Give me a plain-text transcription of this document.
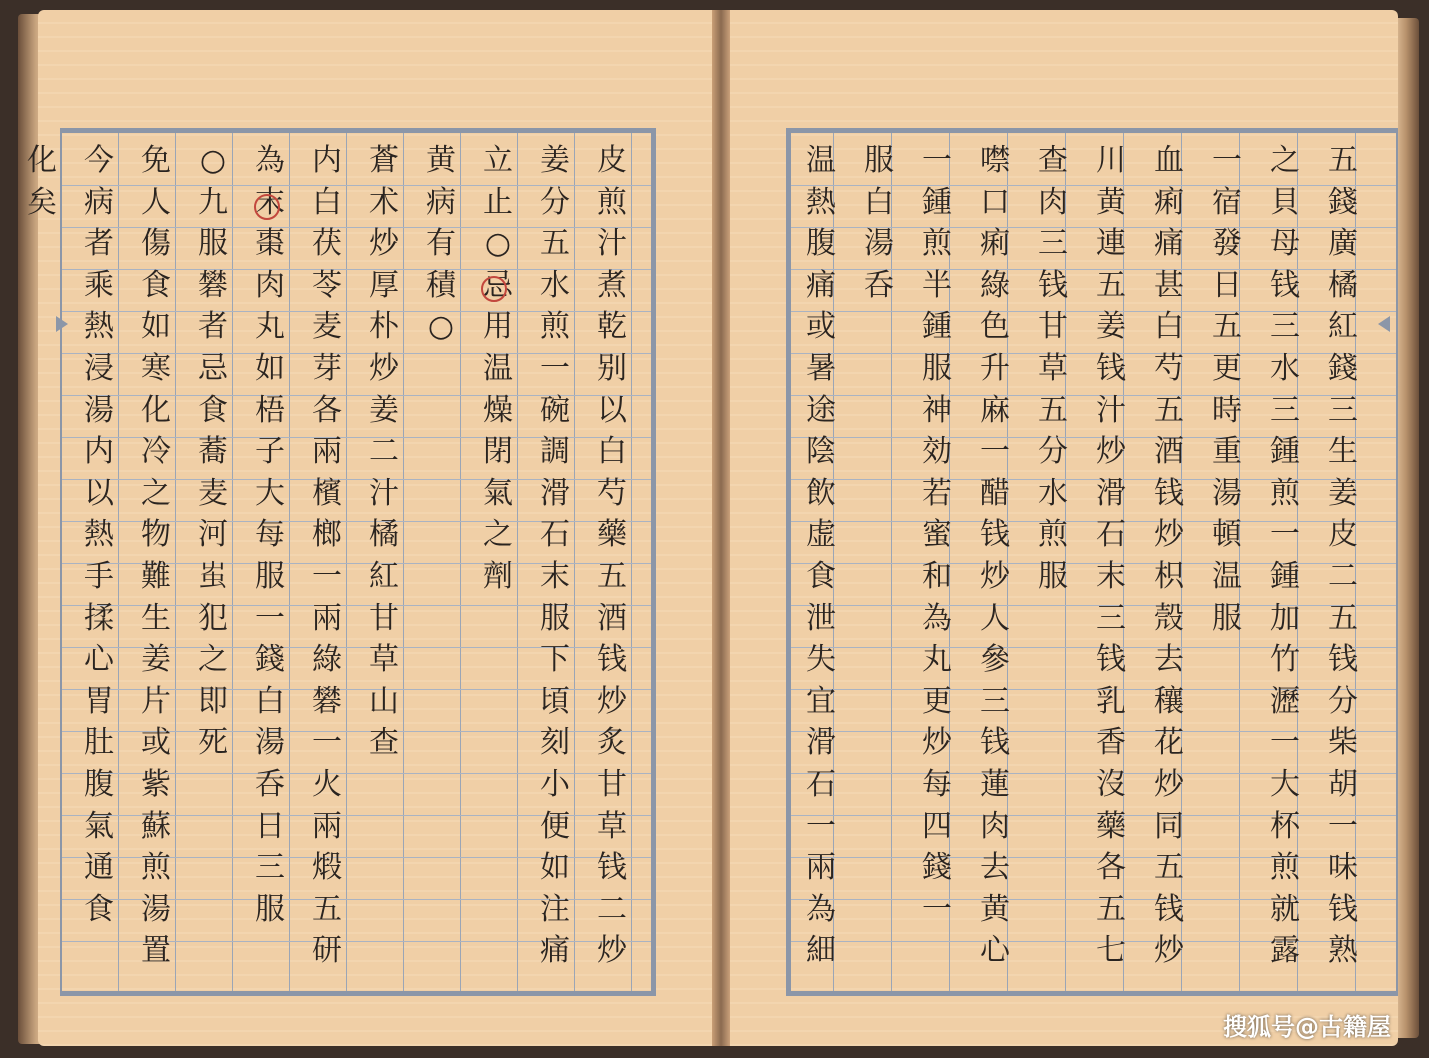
皮
煎
汁
煮
乾
别
以
白
芍
藥
五
酒
钱
炒
炙
甘
草
钱
二
炒
姜
分
五
水
煎
一
碗
調
滑
石
末
服
下
頃
刻
小
便
如
注
痛
立
止
○
忌
用
温
燥
閉
氣
之
劑
黄
病
有
積
○
蒼
术
炒
厚
朴
炒
姜
二
汁
橘
紅
甘
草
山
查
内
白
茯
苓
麦
芽
各
兩
檳
榔
一
兩
綠
礬
一
火
兩
煅
五
研
為
末
棗
肉
丸
如
梧
子
大
每
服
一
錢
白
湯
呑
日
三
服
○
九
服
礬
者
忌
食
蕎
麦
河
𧈪
犯
之
即
死
免
人
傷
食
如
寒
化
冷
之
物
難
生
姜
片
或
紫
蘇
煎
湯
置
今
病
者
乘
熱
浸
湯
内
以
熱
手
揉
心
胃
肚
腹
氣
通
食
化
矣
五
錢
廣
橘
紅
錢
三
生
姜
皮
二
五
钱
分
柴
胡
一
味
钱
熟
之
貝
母
钱
三
水
三
鍾
煎
一
鍾
加
竹
瀝
一
大
杯
煎
就
露
一
宿
發
日
五
更
時
重
湯
頓
温
服
血
痢
痛
甚
白
芍
五
酒
钱
炒
枳
殼
去
穰
花
炒
同
五
钱
炒
川
黄
連
五
姜
钱
汁
炒
滑
石
末
三
钱
乳
香
沒
藥
各
五
七
查
肉
三
钱
甘
草
五
分
水
煎
服
噤
口
痢
綠
色
升
麻
一
醋
钱
炒
人
參
三
钱
蓮
肉
去
黄
心
一
鍾
煎
半
鍾
服
神
効
若
蜜
和
為
丸
更
炒
每
四
錢
一
服
白
湯
呑
温
熱
腹
痛
或
暑
途
陰
飲
虚
食
泄
失
宜
滑
石
一
兩
為
細
搜狐号@古籍屋
